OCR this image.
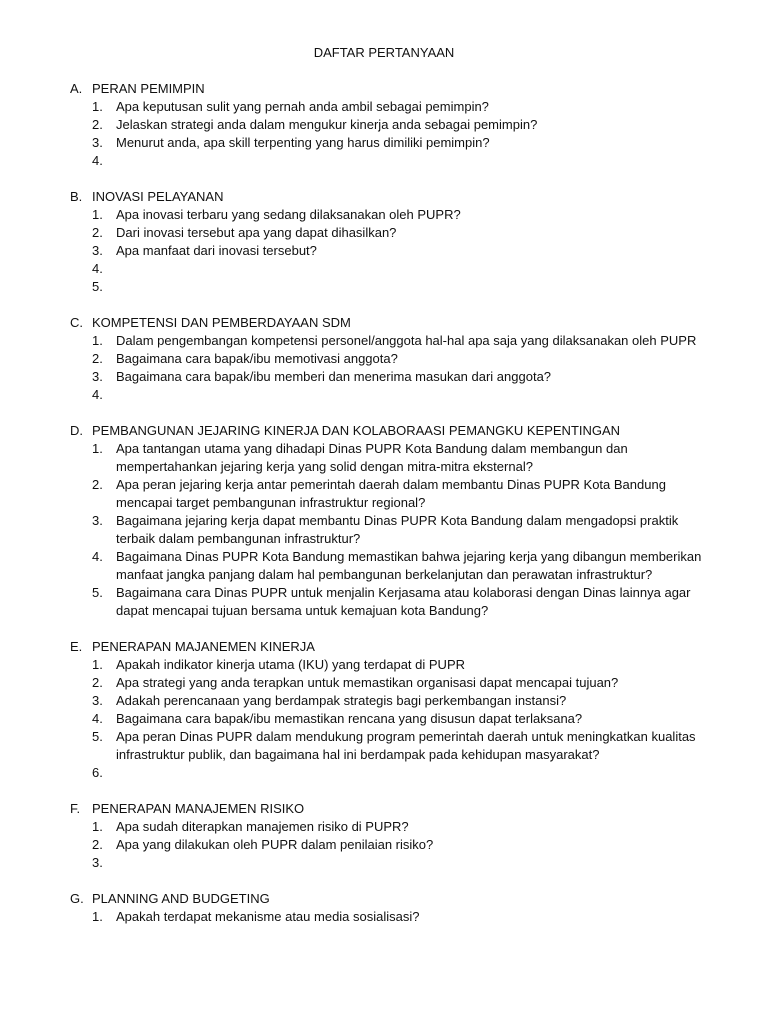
DAFTAR PERTANYAAN
A. PERAN PEMIMPIN
1.	Apa keputusan sulit yang pernah anda ambil sebagai pemimpin?
2.	Jelaskan strategi anda dalam mengukur kinerja anda sebagai pemimpin?
3.	Menurut anda, apa skill terpenting yang harus dimiliki pemimpin?
4.
B. INOVASI PELAYANAN
1.	Apa inovasi terbaru yang sedang dilaksanakan oleh PUPR?
2.	Dari inovasi tersebut apa yang dapat dihasilkan?
3.	Apa manfaat dari inovasi tersebut?
4.
5.
C. KOMPETENSI DAN PEMBERDAYAAN SDM
1.	Dalam pengembangan kompetensi personel/anggota hal-hal apa saja yang dilaksanakan oleh PUPR
2.	Bagaimana cara bapak/ibu memotivasi anggota?
3.	Bagaimana cara bapak/ibu memberi dan menerima masukan dari anggota?
4.
D. PEMBANGUNAN JEJARING KINERJA DAN KOLABORAASI PEMANGKU KEPENTINGAN
1.	Apa tantangan utama yang dihadapi Dinas PUPR Kota Bandung dalam membangun dan mempertahankan jejaring kerja yang solid dengan mitra-mitra eksternal?
2.	Apa peran jejaring kerja antar pemerintah daerah dalam membantu Dinas PUPR Kota Bandung mencapai target pembangunan infrastruktur regional?
3.	Bagaimana jejaring kerja dapat membantu Dinas PUPR Kota Bandung dalam mengadopsi praktik terbaik dalam pembangunan infrastruktur?
4.	Bagaimana Dinas PUPR Kota Bandung memastikan bahwa jejaring kerja yang dibangun memberikan manfaat jangka panjang dalam hal pembangunan berkelanjutan dan perawatan infrastruktur?
5.	Bagaimana cara Dinas PUPR untuk menjalin Kerjasama atau kolaborasi dengan Dinas lainnya agar dapat mencapai tujuan bersama untuk kemajuan kota Bandung?
E. PENERAPAN MAJANEMEN KINERJA
1.	Apakah indikator kinerja utama (IKU) yang terdapat di PUPR
2.	Apa strategi yang anda terapkan untuk memastikan organisasi dapat mencapai tujuan?
3.	Adakah perencanaan yang berdampak strategis bagi perkembangan instansi?
4.	Bagaimana cara bapak/ibu memastikan rencana yang disusun dapat terlaksana?
5.	Apa peran Dinas PUPR dalam mendukung program pemerintah daerah untuk meningkatkan kualitas infrastruktur publik, dan bagaimana hal ini berdampak pada kehidupan masyarakat?
6.
F. PENERAPAN MANAJEMEN RISIKO
1.	Apa sudah diterapkan manajemen risiko di PUPR?
2.	Apa yang dilakukan oleh PUPR dalam penilaian risiko?
3.
G. PLANNING AND BUDGETING
1.	Apakah terdapat mekanisme atau media sosialisasi?
